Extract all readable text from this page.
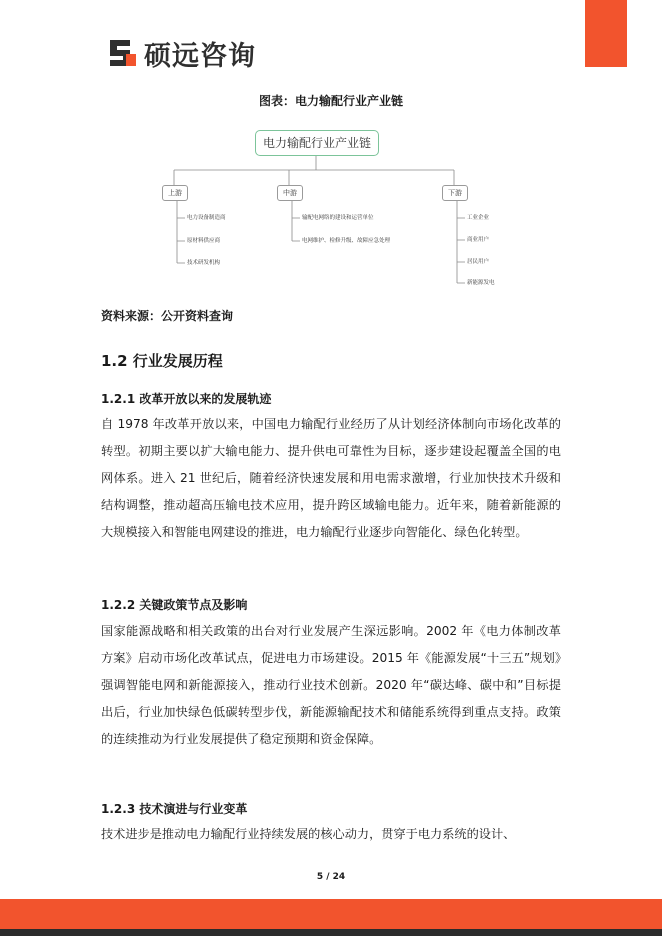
硕远咨询
图表：电力输配行业产业链
电力输配行业产业链
上游
电力设备制造商
原材料供应商
技术研发机构
中游
输配电网络的建设和运营单位
电网维护、检修升级、故障应急处理
下游
工业企业
商业用户
居民用户
新能源发电
资料来源：公开资料查询
1.2 行业发展历程
1.2.1 改革开放以来的发展轨迹

自 1978 年改革开放以来，中国电力输配行业经历了从计划经济体制向市场化改革的转型。初期主要以扩大输电能力、提升供电可靠性为目标，逐步建设起覆盖全国的电网体系。进入 21 世纪后，随着经济快速发展和用电需求激增，行业加快技术升级和结构调整，推动超高压输电技术应用，提升跨区域输电能力。近年来，随着新能源的大规模接入和智能电网建设的推进，电力输配行业逐步向智能化、绿色化转型。

1.2.2 关键政策节点及影响

国家能源战略和相关政策的出台对行业发展产生深远影响。2002 年《电力体制改革方案》启动市场化改革试点，促进电力市场建设。2015 年《能源发展“十三五”规划》强调智能电网和新能源接入，推动行业技术创新。2020 年“碳达峰、碳中和”目标提出后，行业加快绿色低碳转型步伐，新能源输配技术和储能系统得到重点支持。政策的连续推动为行业发展提供了稳定预期和资金保障。

1.2.3 技术演进与行业变革

技术进步是推动电力输配行业持续发展的核心动力，贯穿于电力系统的设计、

5 / 24
